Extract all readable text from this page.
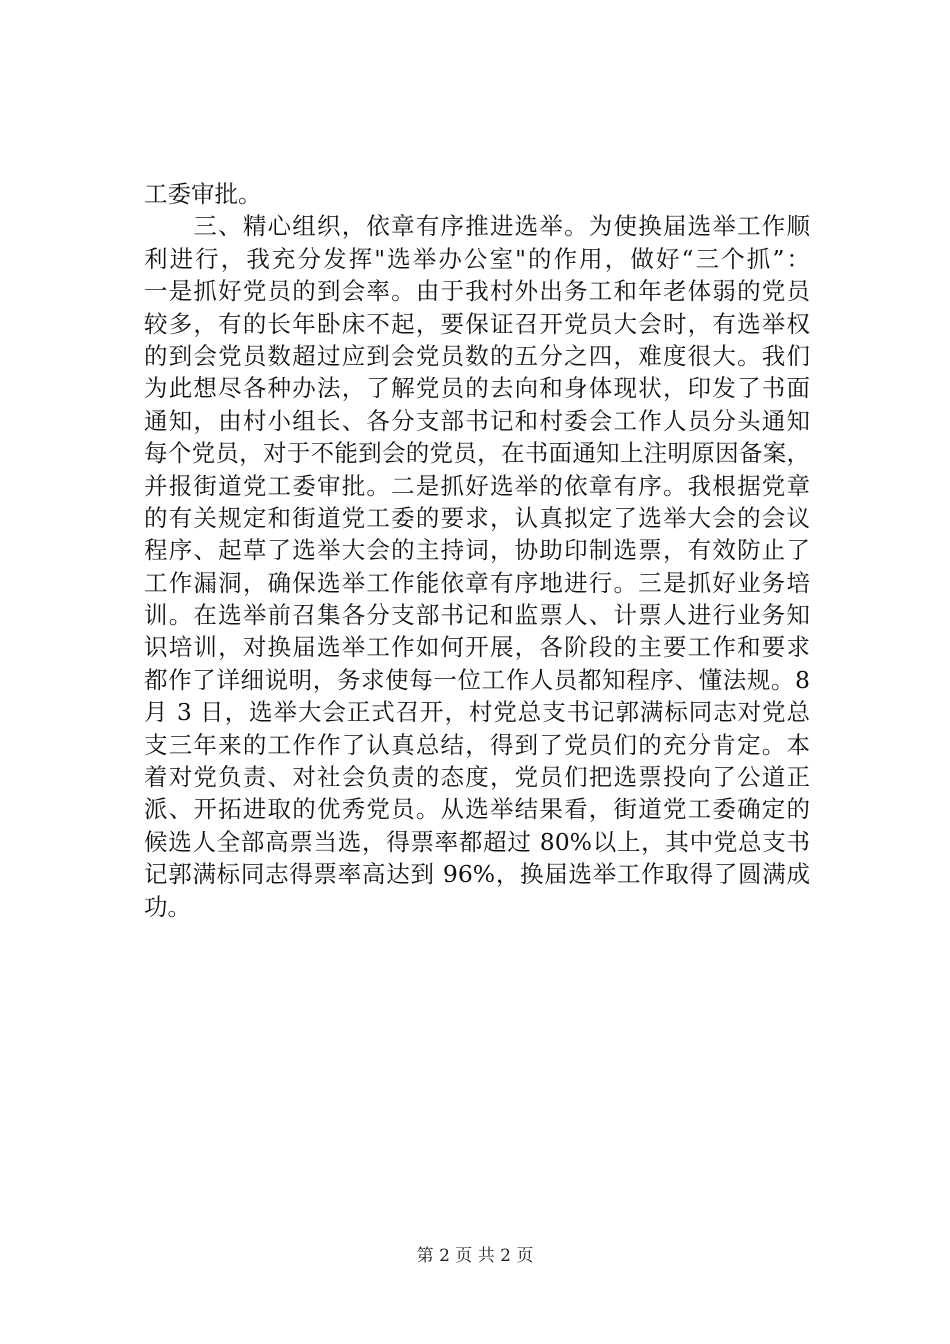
工委审批。
　　三、精心组织，依章有序推进选举。为使换届选举工作顺
利进行，我充分发挥"选举办公室"的作用，做好“三个抓”：
一是抓好党员的到会率。由于我村外出务工和年老体弱的党员
较多，有的长年卧床不起，要保证召开党员大会时，有选举权
的到会党员数超过应到会党员数的五分之四，难度很大。我们
为此想尽各种办法，了解党员的去向和身体现状，印发了书面
通知，由村小组长、各分支部书记和村委会工作人员分头通知
每个党员，对于不能到会的党员，在书面通知上注明原因备案，
并报街道党工委审批。二是抓好选举的依章有序。我根据党章
的有关规定和街道党工委的要求，认真拟定了选举大会的会议
程序、起草了选举大会的主持词，协助印制选票，有效防止了
工作漏洞，确保选举工作能依章有序地进行。三是抓好业务培
训。在选举前召集各分支部书记和监票人、计票人进行业务知
识培训，对换届选举工作如何开展，各阶段的主要工作和要求
都作了详细说明，务求使每一位工作人员都知程序、懂法规。8
月 3 日，选举大会正式召开，村党总支书记郭满标同志对党总
支三年来的工作作了认真总结，得到了党员们的充分肯定。本
着对党负责、对社会负责的态度，党员们把选票投向了公道正
派、开拓进取的优秀党员。从选举结果看，街道党工委确定的
候选人全部高票当选，得票率都超过 80%以上，其中党总支书
记郭满标同志得票率高达到 96%，换届选举工作取得了圆满成
功。
第 2 页 共 2 页
